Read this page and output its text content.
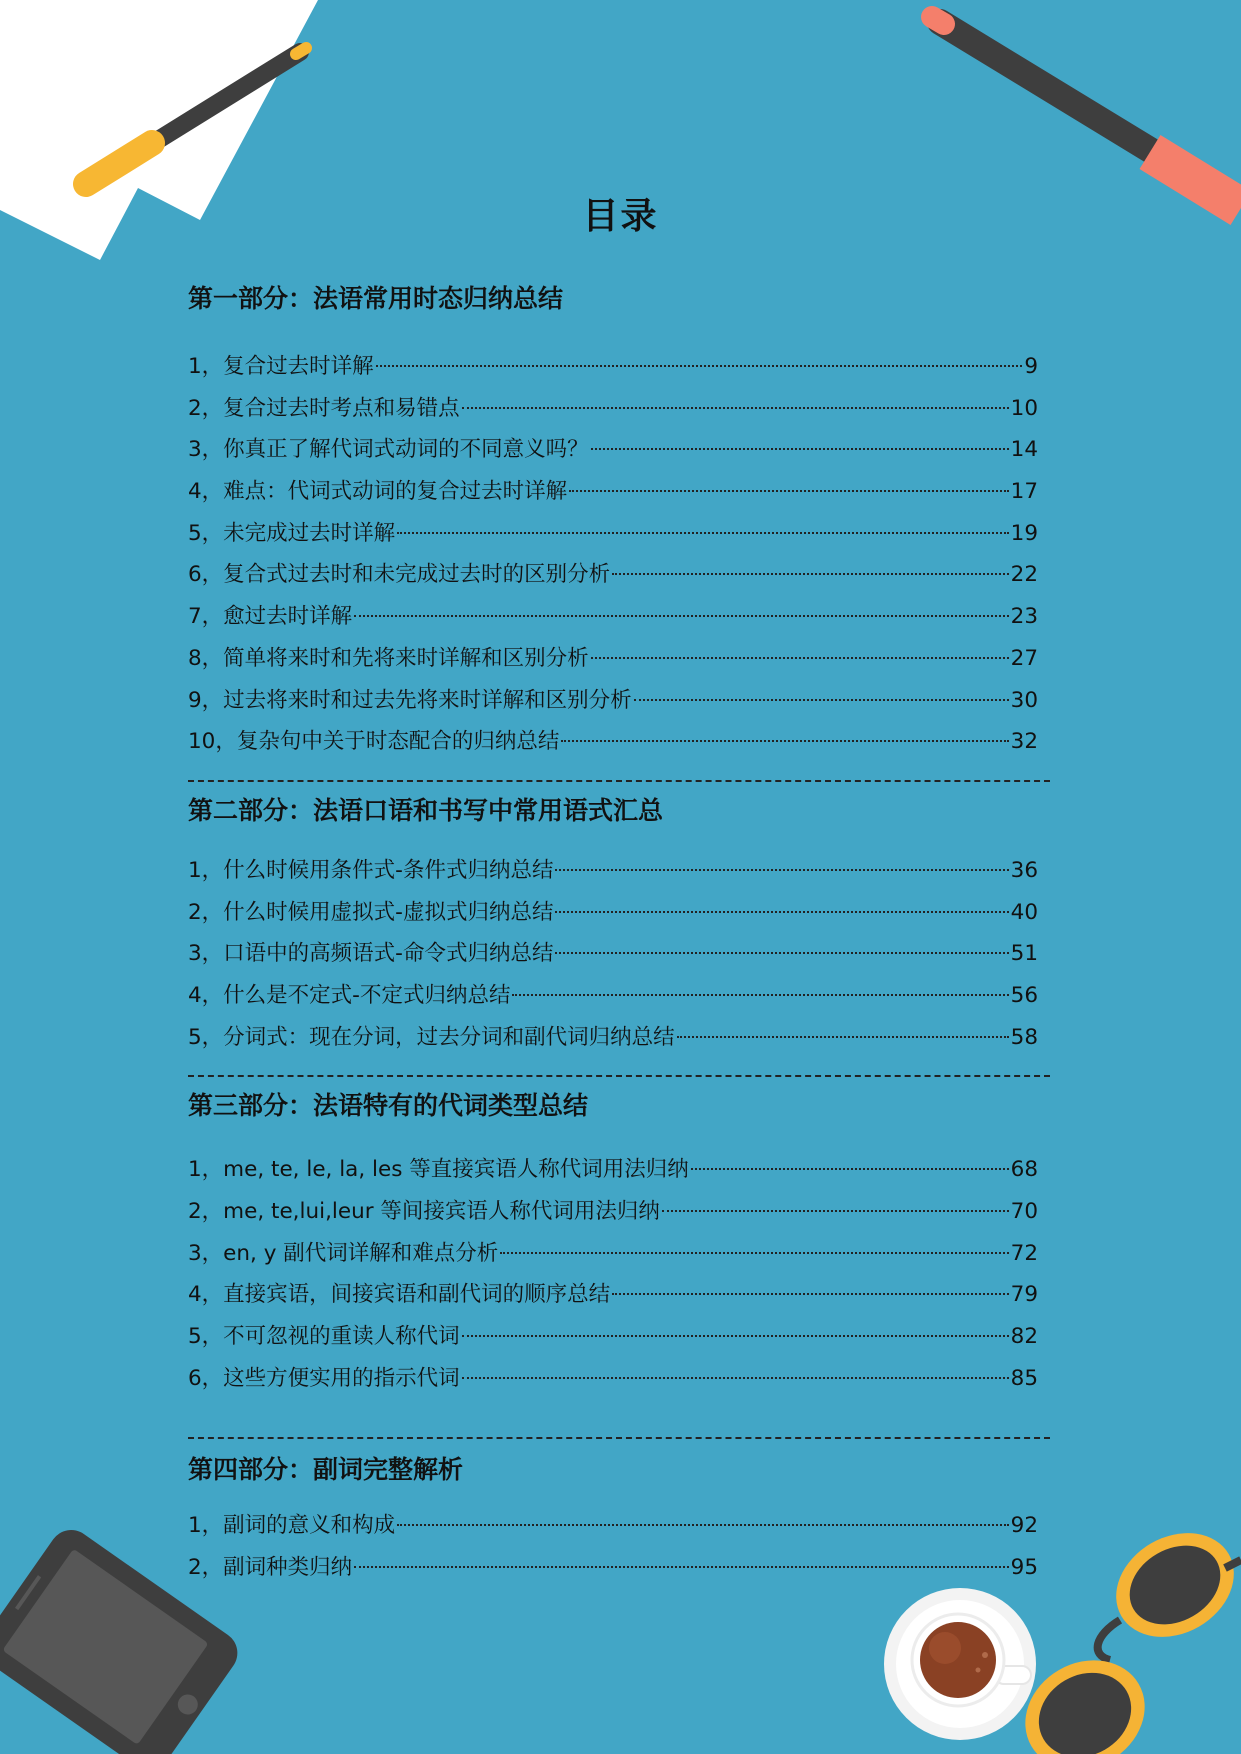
目录
第一部分：法语常用时态归纳总结
1，复合过去时详解	9
2，复合过去时考点和易错点	10
3，你真正了解代词式动词的不同意义吗？	14
4，难点：代词式动词的复合过去时详解	17
5，未完成过去时详解	19
6，复合式过去时和未完成过去时的区别分析	22
7，愈过去时详解	23
8，简单将来时和先将来时详解和区别分析	27
9，过去将来时和过去先将来时详解和区别分析	30
10，复杂句中关于时态配合的归纳总结	32
第二部分：法语口语和书写中常用语式汇总
1，什么时候用条件式-条件式归纳总结	36
2，什么时候用虚拟式-虚拟式归纳总结	40
3，口语中的高频语式-命令式归纳总结	51
4，什么是不定式-不定式归纳总结	56
5，分词式：现在分词，过去分词和副代词归纳总结	58
第三部分：法语特有的代词类型总结
1，me, te, le, la, les 等直接宾语人称代词用法归纳	68
2，me, te,lui,leur 等间接宾语人称代词用法归纳	70
3，en, y 副代词详解和难点分析	72
4，直接宾语，间接宾语和副代词的顺序总结	79
5，不可忽视的重读人称代词	82
6，这些方便实用的指示代词	85
第四部分：副词完整解析
1，副词的意义和构成	92
2，副词种类归纳	95
